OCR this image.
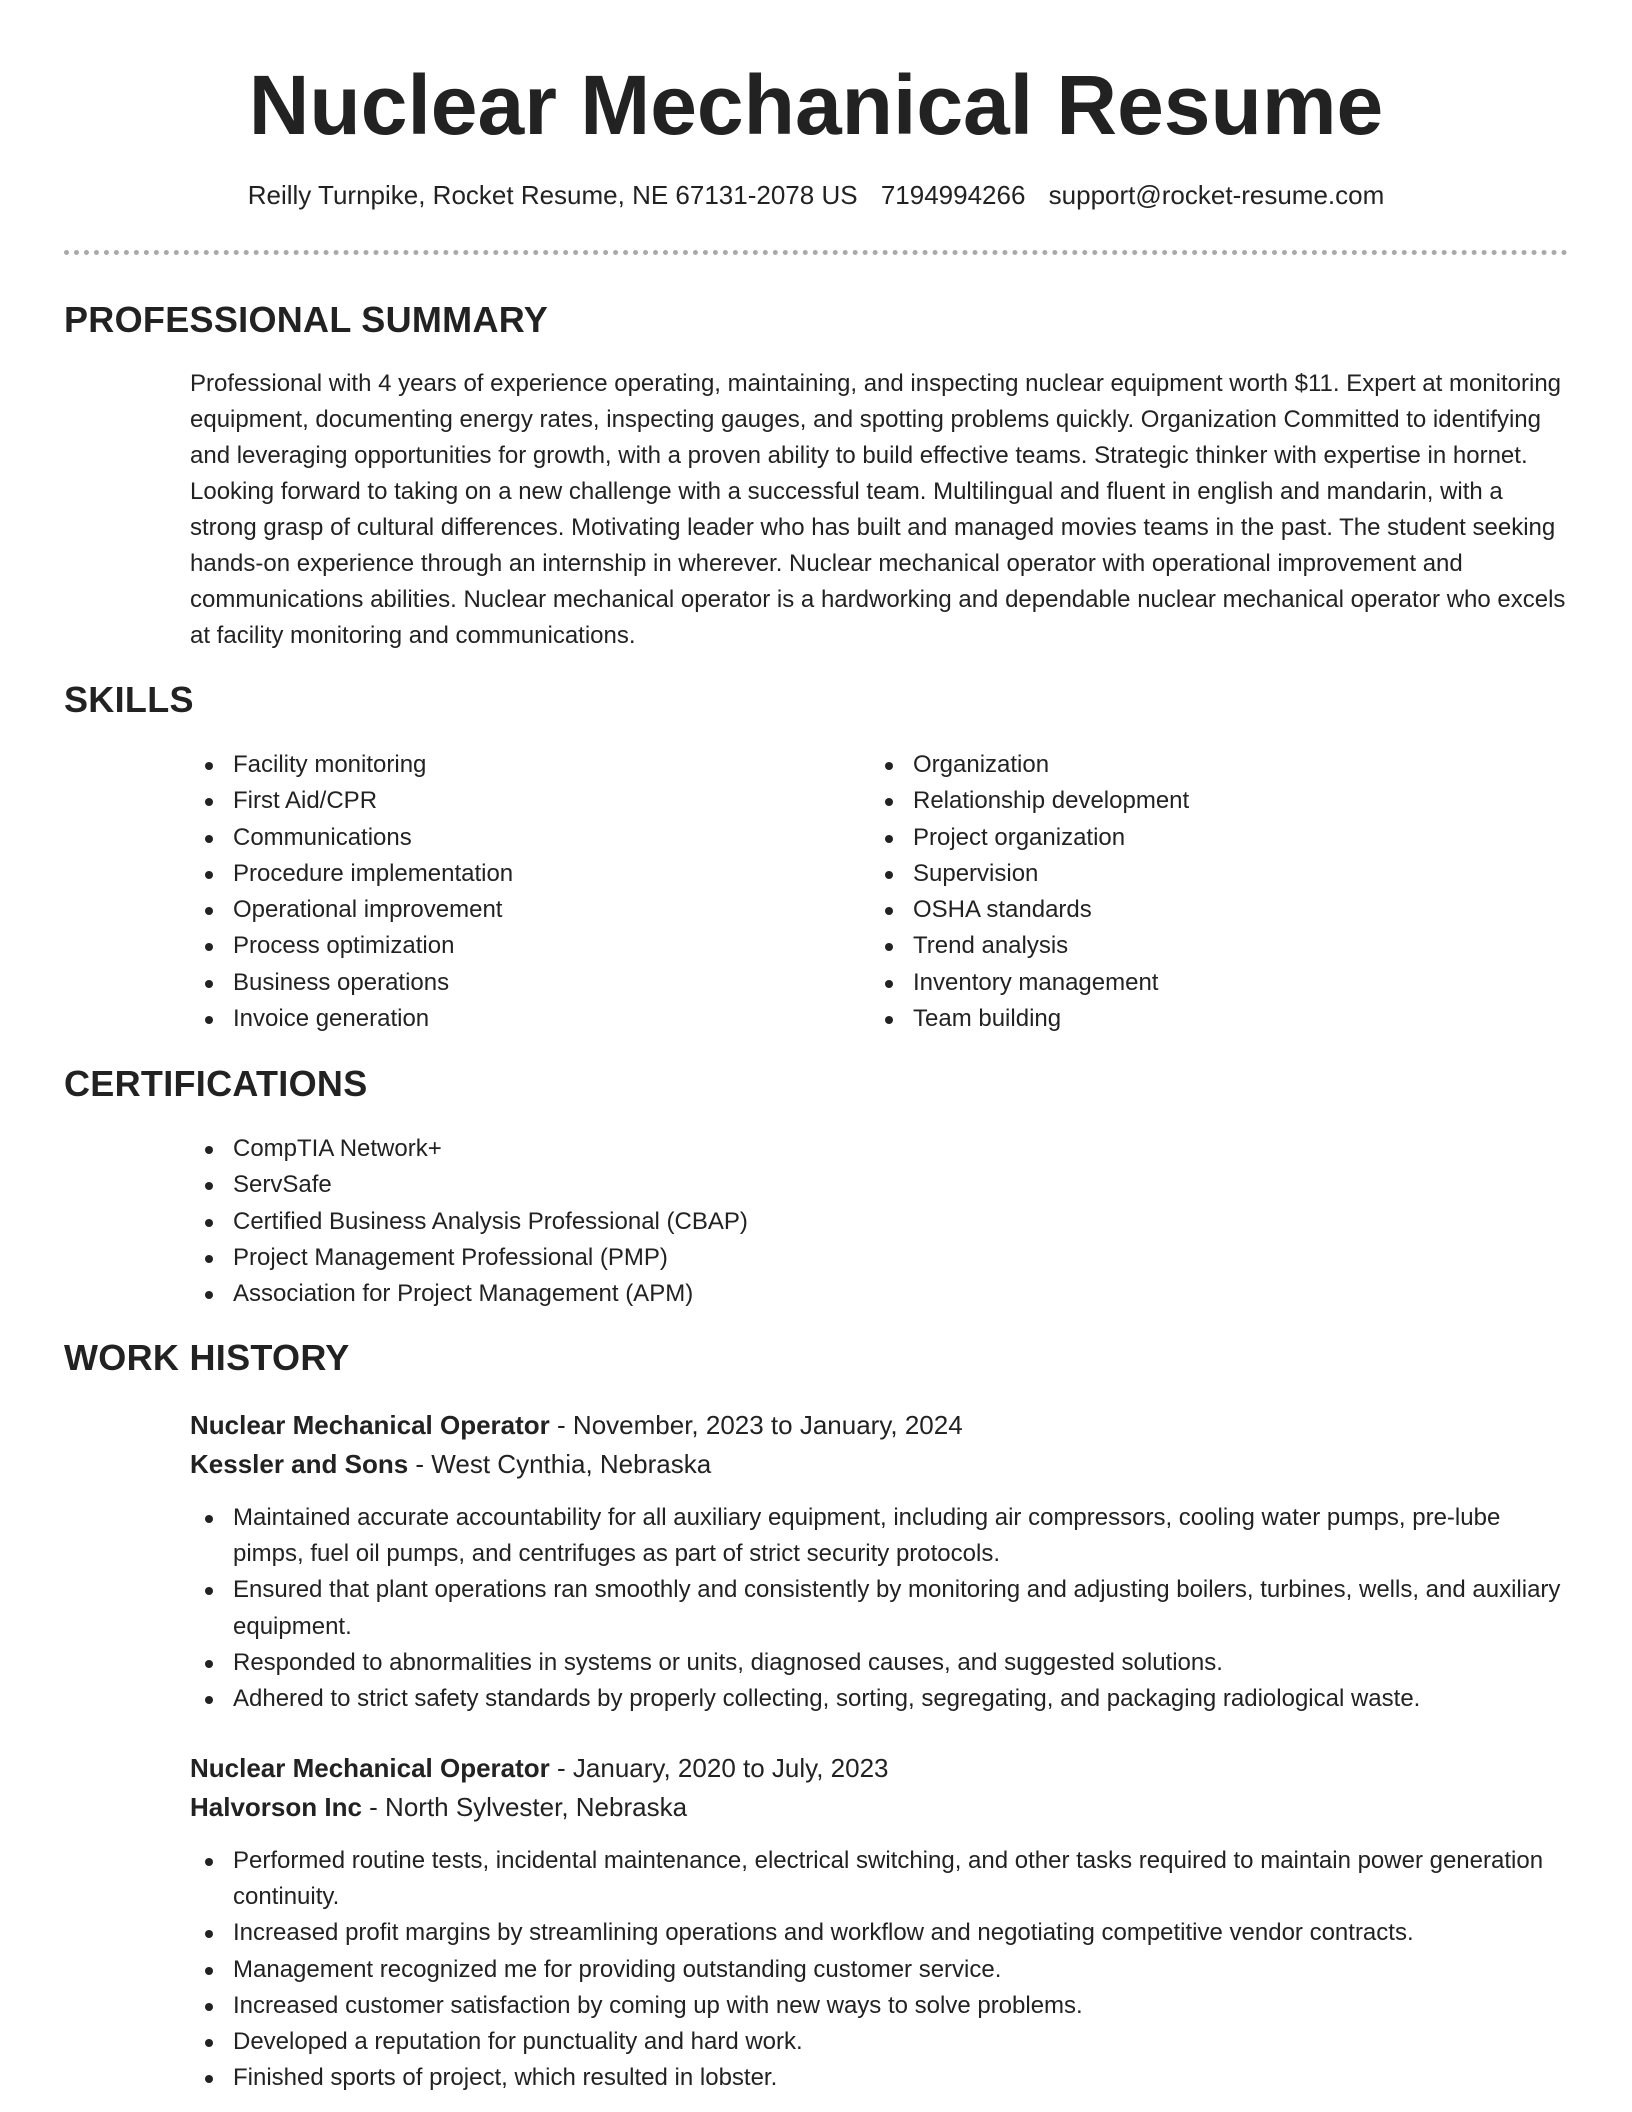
Nuclear Mechanical Resume
Reilly Turnpike, Rocket Resume, NE 67131-2078 US 7194994266 support@rocket-resume.com
PROFESSIONAL SUMMARY

Professional with 4 years of experience operating, maintaining, and inspecting nuclear equipment worth $11. Expert at monitoring equipment, documenting energy rates, inspecting gauges, and spotting problems quickly. Organization Committed to identifying and leveraging opportunities for growth, with a proven ability to build effective teams. Strategic thinker with expertise in hornet. Looking forward to taking on a new challenge with a successful team. Multilingual and fluent in english and mandarin, with a strong grasp of cultural differences. Motivating leader who has built and managed movies teams in the past. The student seeking hands-on experience through an internship in wherever. Nuclear mechanical operator with operational improvement and communications abilities. Nuclear mechanical operator is a hardworking and dependable nuclear mechanical operator who excels at facility monitoring and communications.

SKILLS
Facility monitoring
First Aid/CPR
Communications
Procedure implementation
Operational improvement
Process optimization
Business operations
Invoice generation
Organization
Relationship development
Project organization
Supervision
OSHA standards
Trend analysis
Inventory management
Team building
CERTIFICATIONS
CompTIA Network+
ServSafe
Certified Business Analysis Professional (CBAP)
Project Management Professional (PMP)
Association for Project Management (APM)
WORK HISTORY
Nuclear Mechanical Operator - November, 2023 to January, 2024
Kessler and Sons - West Cynthia, Nebraska
Maintained accurate accountability for all auxiliary equipment, including air compressors, cooling water pumps, pre-lube pimps, fuel oil pumps, and centrifuges as part of strict security protocols.
Ensured that plant operations ran smoothly and consistently by monitoring and adjusting boilers, turbines, wells, and auxiliary equipment.
Responded to abnormalities in systems or units, diagnosed causes, and suggested solutions.
Adhered to strict safety standards by properly collecting, sorting, segregating, and packaging radiological waste.
Nuclear Mechanical Operator - January, 2020 to July, 2023
Halvorson Inc - North Sylvester, Nebraska
Performed routine tests, incidental maintenance, electrical switching, and other tasks required to maintain power generation continuity.
Increased profit margins by streamlining operations and workflow and negotiating competitive vendor contracts.
Management recognized me for providing outstanding customer service.
Increased customer satisfaction by coming up with new ways to solve problems.
Developed a reputation for punctuality and hard work.
Finished sports of project, which resulted in lobster.
